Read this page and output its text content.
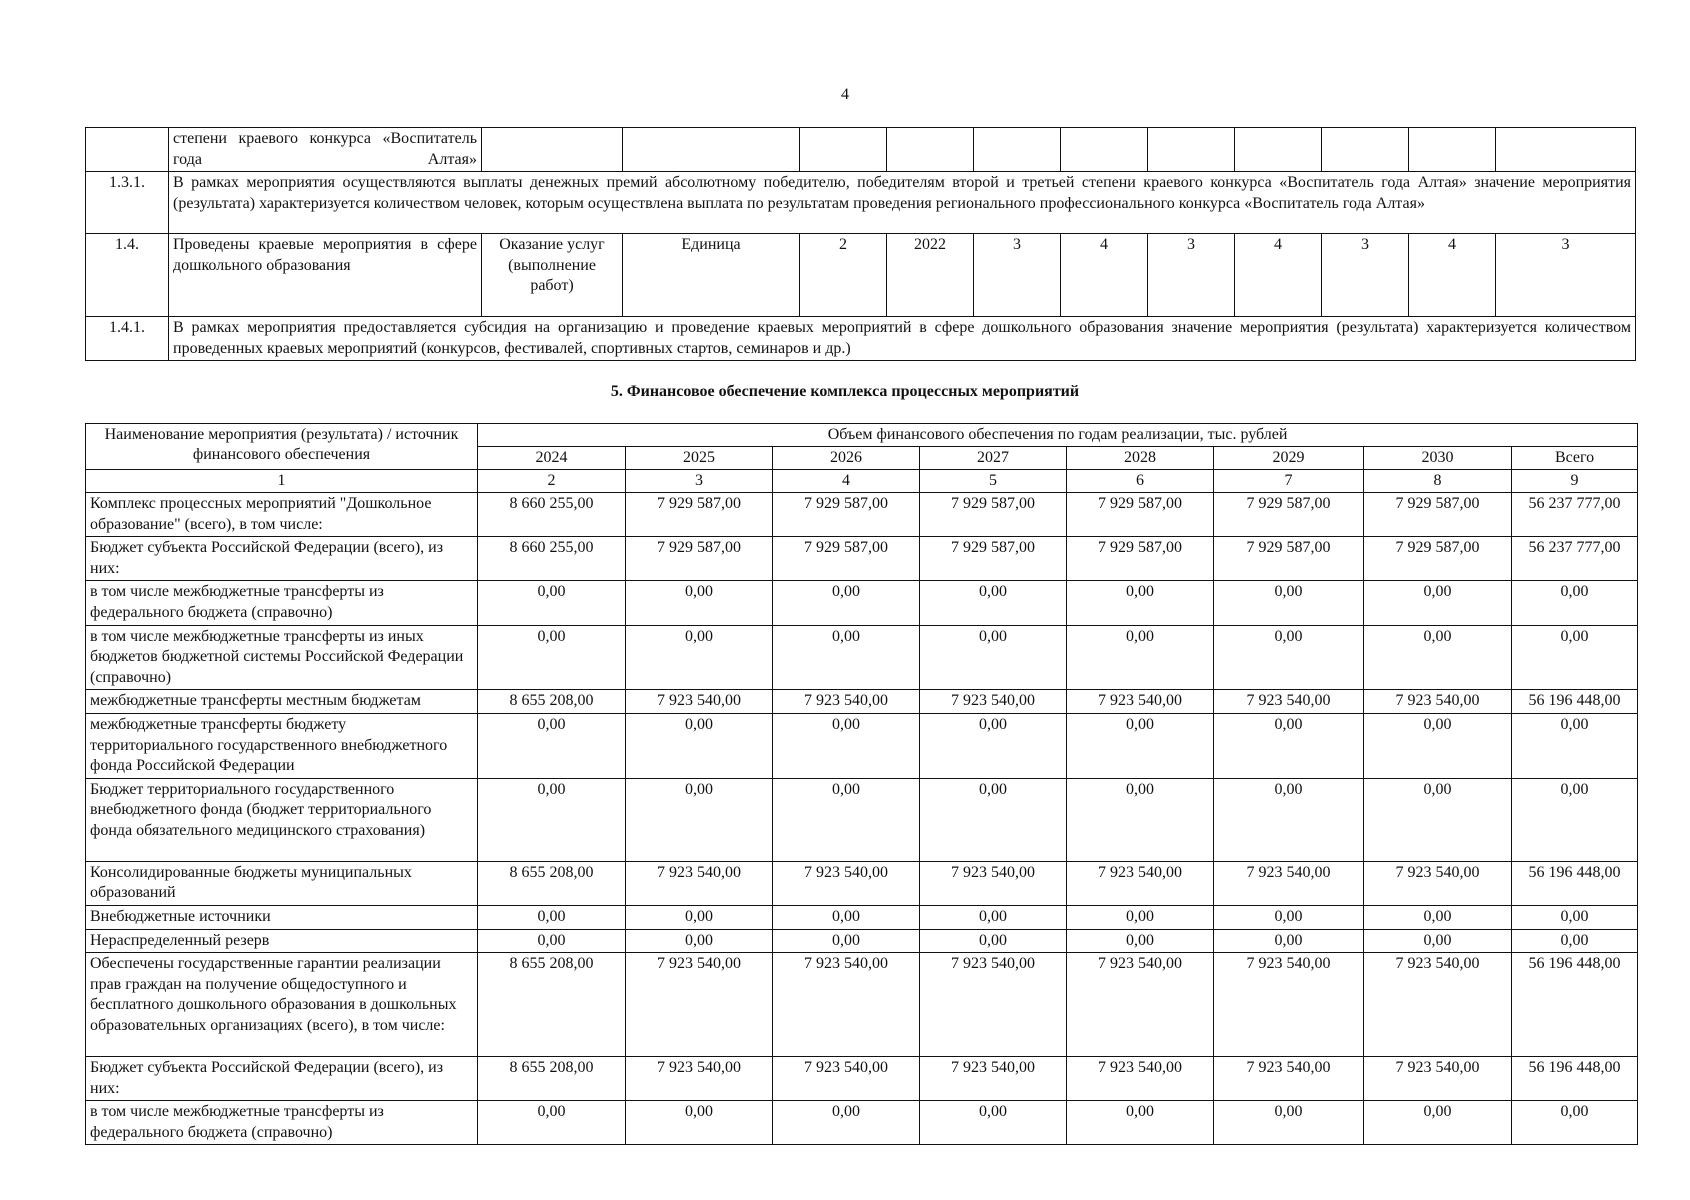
4
	степени краевого конкурса «Воспитатель года Алтая»											
1.3.1.	В рамках мероприятия осуществляются выплаты денежных премий абсолютному победителю, победителям второй и третьей степени краевого конкурса «Воспитатель года Алтая» значение мероприятия (результата) характеризуется количеством человек, которым осуществлена выплата по результатам проведения регионального профессионального конкурса «Воспитатель года Алтая»											
1.4.	Проведены краевые мероприятия в сфере дошкольного образования	Оказание услуг (выполнение работ)	Единица	2	2022	3	4	3	4	3	4	3
1.4.1.	В рамках мероприятия предоставляется субсидия на организацию и проведение краевых мероприятий в сфере дошкольного образования значение мероприятия (результата) характеризуется количеством проведенных краевых мероприятий (конкурсов, фестивалей, спортивных стартов, семинаров и др.)											
5. Финансовое обеспечение комплекса процессных мероприятий
Наименование мероприятия (результата) / источник финансового обеспечения	Объем финансового обеспечения по годам реализации, тыс. рублей							
	2024	2025	2026	2027	2028	2029	2030	Всего
1	2	3	4	5	6	7	8	9
Комплекс процессных мероприятий "Дошкольное образование" (всего), в том числе:	8 660 255,00	7 929 587,00	7 929 587,00	7 929 587,00	7 929 587,00	7 929 587,00	7 929 587,00	56 237 777,00
Бюджет субъекта Российской Федерации (всего), из них:	8 660 255,00	7 929 587,00	7 929 587,00	7 929 587,00	7 929 587,00	7 929 587,00	7 929 587,00	56 237 777,00
в том числе межбюджетные трансферты из федерального бюджета (справочно)	0,00	0,00	0,00	0,00	0,00	0,00	0,00	0,00
в том числе межбюджетные трансферты из иных бюджетов бюджетной системы Российской Федерации (справочно)	0,00	0,00	0,00	0,00	0,00	0,00	0,00	0,00
межбюджетные трансферты местным бюджетам	8 655 208,00	7 923 540,00	7 923 540,00	7 923 540,00	7 923 540,00	7 923 540,00	7 923 540,00	56 196 448,00
межбюджетные трансферты бюджету территориального государственного внебюджетного фонда Российской Федерации	0,00	0,00	0,00	0,00	0,00	0,00	0,00	0,00
Бюджет территориального государственного внебюджетного фонда (бюджет территориального фонда обязательного медицинского страхования)	0,00	0,00	0,00	0,00	0,00	0,00	0,00	0,00
Консолидированные бюджеты муниципальных образований	8 655 208,00	7 923 540,00	7 923 540,00	7 923 540,00	7 923 540,00	7 923 540,00	7 923 540,00	56 196 448,00
Внебюджетные источники	0,00	0,00	0,00	0,00	0,00	0,00	0,00	0,00
Нераспределенный резерв	0,00	0,00	0,00	0,00	0,00	0,00	0,00	0,00
Обеспечены государственные гарантии реализации прав граждан на получение общедоступного и бесплатного дошкольного образования в дошкольных образовательных организациях (всего), в том числе:	8 655 208,00	7 923 540,00	7 923 540,00	7 923 540,00	7 923 540,00	7 923 540,00	7 923 540,00	56 196 448,00
Бюджет субъекта Российской Федерации (всего), из них:	8 655 208,00	7 923 540,00	7 923 540,00	7 923 540,00	7 923 540,00	7 923 540,00	7 923 540,00	56 196 448,00
в том числе межбюджетные трансферты из федерального бюджета (справочно)	0,00	0,00	0,00	0,00	0,00	0,00	0,00	0,00
